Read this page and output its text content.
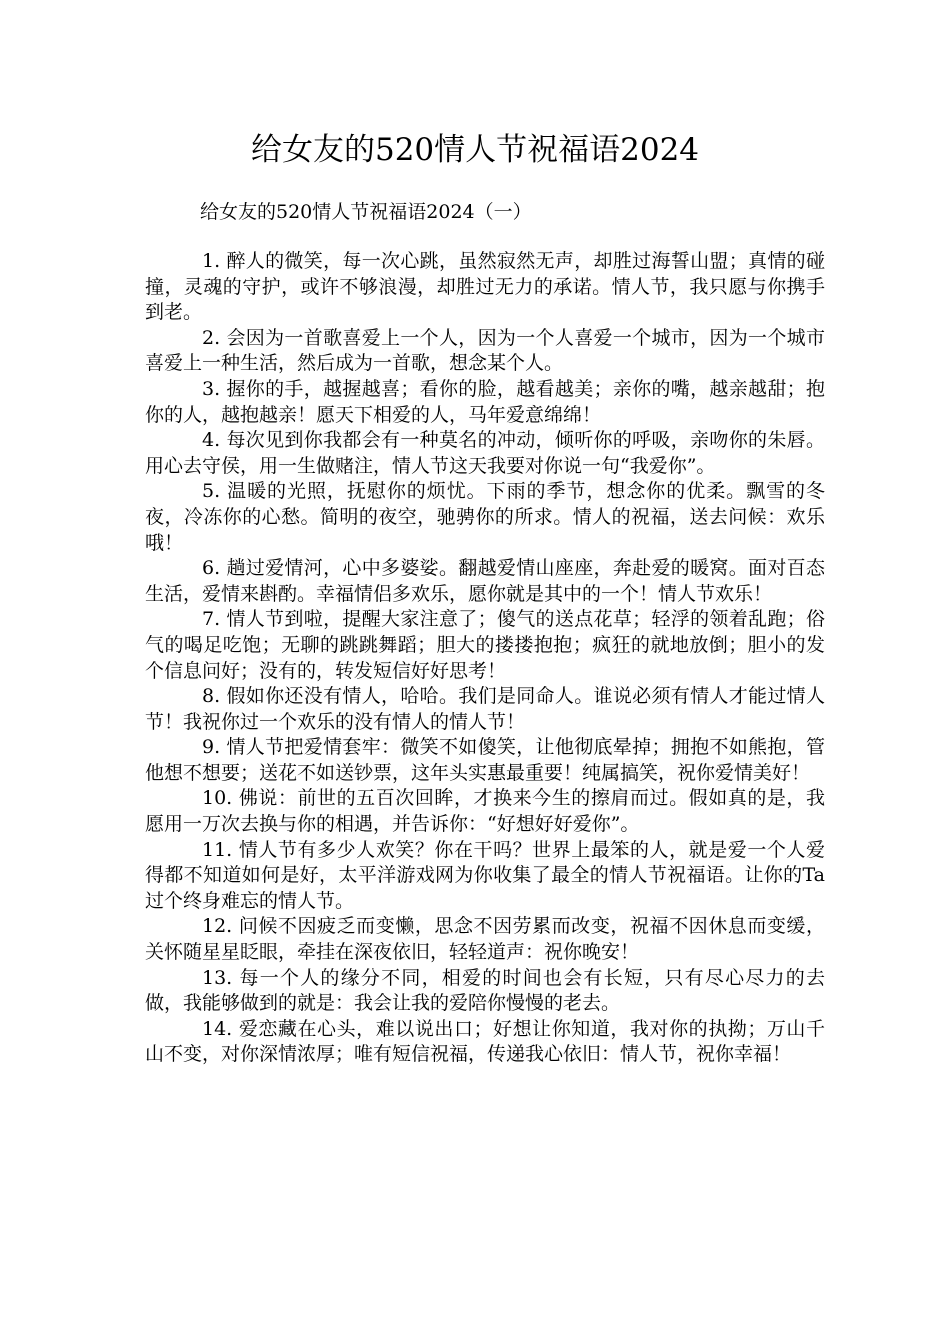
给女友的520情人节祝福语2024
给女友的520情人节祝福语2024（一）

1. 醉人的微笑，每一次心跳，虽然寂然无声，却胜过海誓山盟；真情的碰撞，灵魂的守护，或许不够浪漫，却胜过无力的承诺。情人节，我只愿与你携手到老。

2. 会因为一首歌喜爱上一个人，因为一个人喜爱一个城市，因为一个城市喜爱上一种生活，然后成为一首歌，想念某个人。

3. 握你的手，越握越喜；看你的脸，越看越美；亲你的嘴，越亲越甜；抱你的人，越抱越亲！愿天下相爱的人，马年爱意绵绵！

4. 每次见到你我都会有一种莫名的冲动，倾听你的呼吸，亲吻你的朱唇。用心去守侯，用一生做赌注，情人节这天我要对你说一句“我爱你”。

5. 温暖的光照，抚慰你的烦忧。下雨的季节，想念你的优柔。飘雪的冬夜，冷冻你的心愁。简明的夜空，驰骋你的所求。情人的祝福，送去问候：欢乐哦！

6. 趟过爱情河，心中多婆娑。翻越爱情山座座，奔赴爱的暖窝。面对百态生活，爱情来斟酌。幸福情侣多欢乐，愿你就是其中的一个！情人节欢乐！

7. 情人节到啦，提醒大家注意了；傻气的送点花草；轻浮的领着乱跑；俗气的喝足吃饱；无聊的跳跳舞蹈；胆大的搂搂抱抱；疯狂的就地放倒；胆小的发个信息问好；没有的，转发短信好好思考！

8. 假如你还没有情人，哈哈。我们是同命人。谁说必须有情人才能过情人节！我祝你过一个欢乐的没有情人的情人节！

9. 情人节把爱情套牢：微笑不如傻笑，让他彻底晕掉；拥抱不如熊抱，管他想不想要；送花不如送钞票，这年头实惠最重要！纯属搞笑，祝你爱情美好！

10. 佛说：前世的五百次回眸，才换来今生的擦肩而过。假如真的是，我愿用一万次去换与你的相遇，并告诉你：“好想好好爱你”。

11. 情人节有多少人欢笑？你在干吗？世界上最笨的人，就是爱一个人爱得都不知道如何是好，太平洋游戏网为你收集了最全的情人节祝福语。让你的Ta过个终身难忘的情人节。

12. 问候不因疲乏而变懒，思念不因劳累而改变，祝福不因休息而变缓，关怀随星星眨眼，牵挂在深夜依旧，轻轻道声：祝你晚安！

13. 每一个人的缘分不同，相爱的时间也会有长短，只有尽心尽力的去做，我能够做到的就是：我会让我的爱陪你慢慢的老去。

14. 爱恋藏在心头，难以说出口；好想让你知道，我对你的执拗；万山千山不变，对你深情浓厚；唯有短信祝福，传递我心依旧：情人节，祝你幸福！
